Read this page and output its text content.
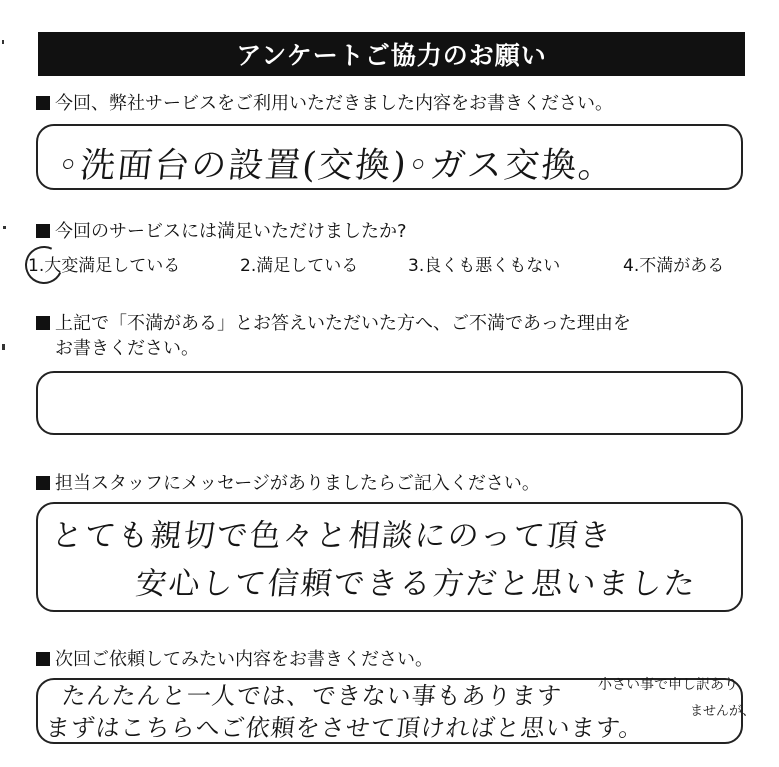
アンケートご協力のお願い
今回、弊社サービスをご利用いただきました内容をお書きください。
◦洗面台の設置(交換)◦ガス交換。
今回のサービスには満足いただけましたか?
1.大変満足している	2.満足している	3.良くも悪くもない	4.不満がある
上記で「不満がある」とお答えいただいた方へ、ご不満であった理由を
お書きください。
担当スタッフにメッセージがありましたらご記入ください。
とても親切で色々と相談にのって頂き
安心して信頼できる方だと思いました
次回ご依頼してみたい内容をお書きください。
たんたんと一人では、できない事もあります 小さい事で申し訳あり
ませんが、
まずはこちらへご依頼をさせて頂ければと思います。
